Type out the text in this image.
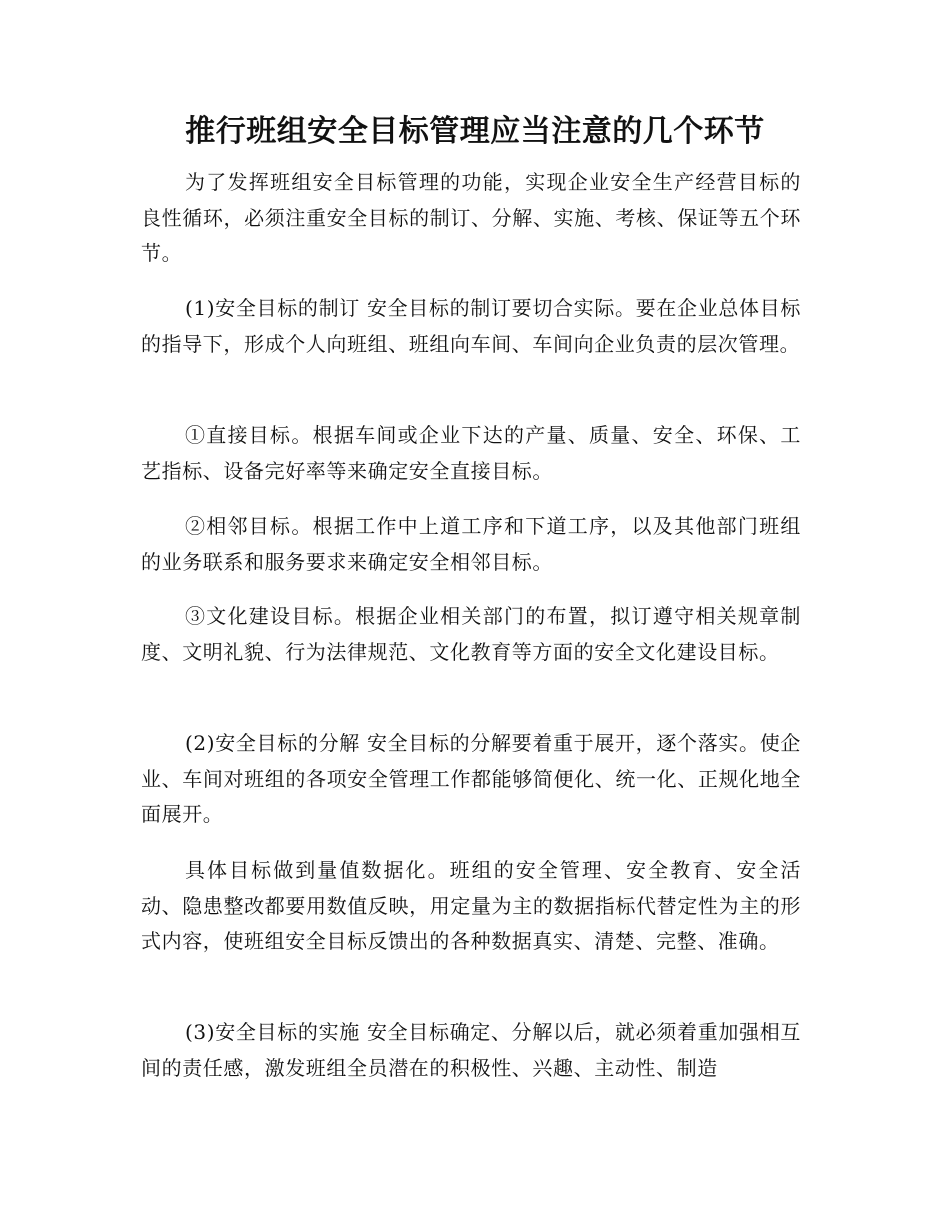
推行班组安全目标管理应当注意的几个环节

为了发挥班组安全目标管理的功能，实现企业安全生产经营目标的良性循环，必须注重安全目标的制订、分解、实施、考核、保证等五个环节。

(1)安全目标的制订 安全目标的制订要切合实际。要在企业总体目标的指导下，形成个人向班组、班组向车间、车间向企业负责的层次管理。

①直接目标。根据车间或企业下达的产量、质量、安全、环保、工艺指标、设备完好率等来确定安全直接目标。

②相邻目标。根据工作中上道工序和下道工序，以及其他部门班组的业务联系和服务要求来确定安全相邻目标。

③文化建设目标。根据企业相关部门的布置，拟订遵守相关规章制度、文明礼貌、行为法律规范、文化教育等方面的安全文化建设目标。

(2)安全目标的分解 安全目标的分解要着重于展开，逐个落实。使企业、车间对班组的各项安全管理工作都能够简便化、统一化、正规化地全面展开。

具体目标做到量值数据化。班组的安全管理、安全教育、安全活动、隐患整改都要用数值反映，用定量为主的数据指标代替定性为主的形式内容，使班组安全目标反馈出的各种数据真实、清楚、完整、准确。

(3)安全目标的实施 安全目标确定、分解以后，就必须着重加强相互间的责任感，激发班组全员潜在的积极性、兴趣、主动性、制造
